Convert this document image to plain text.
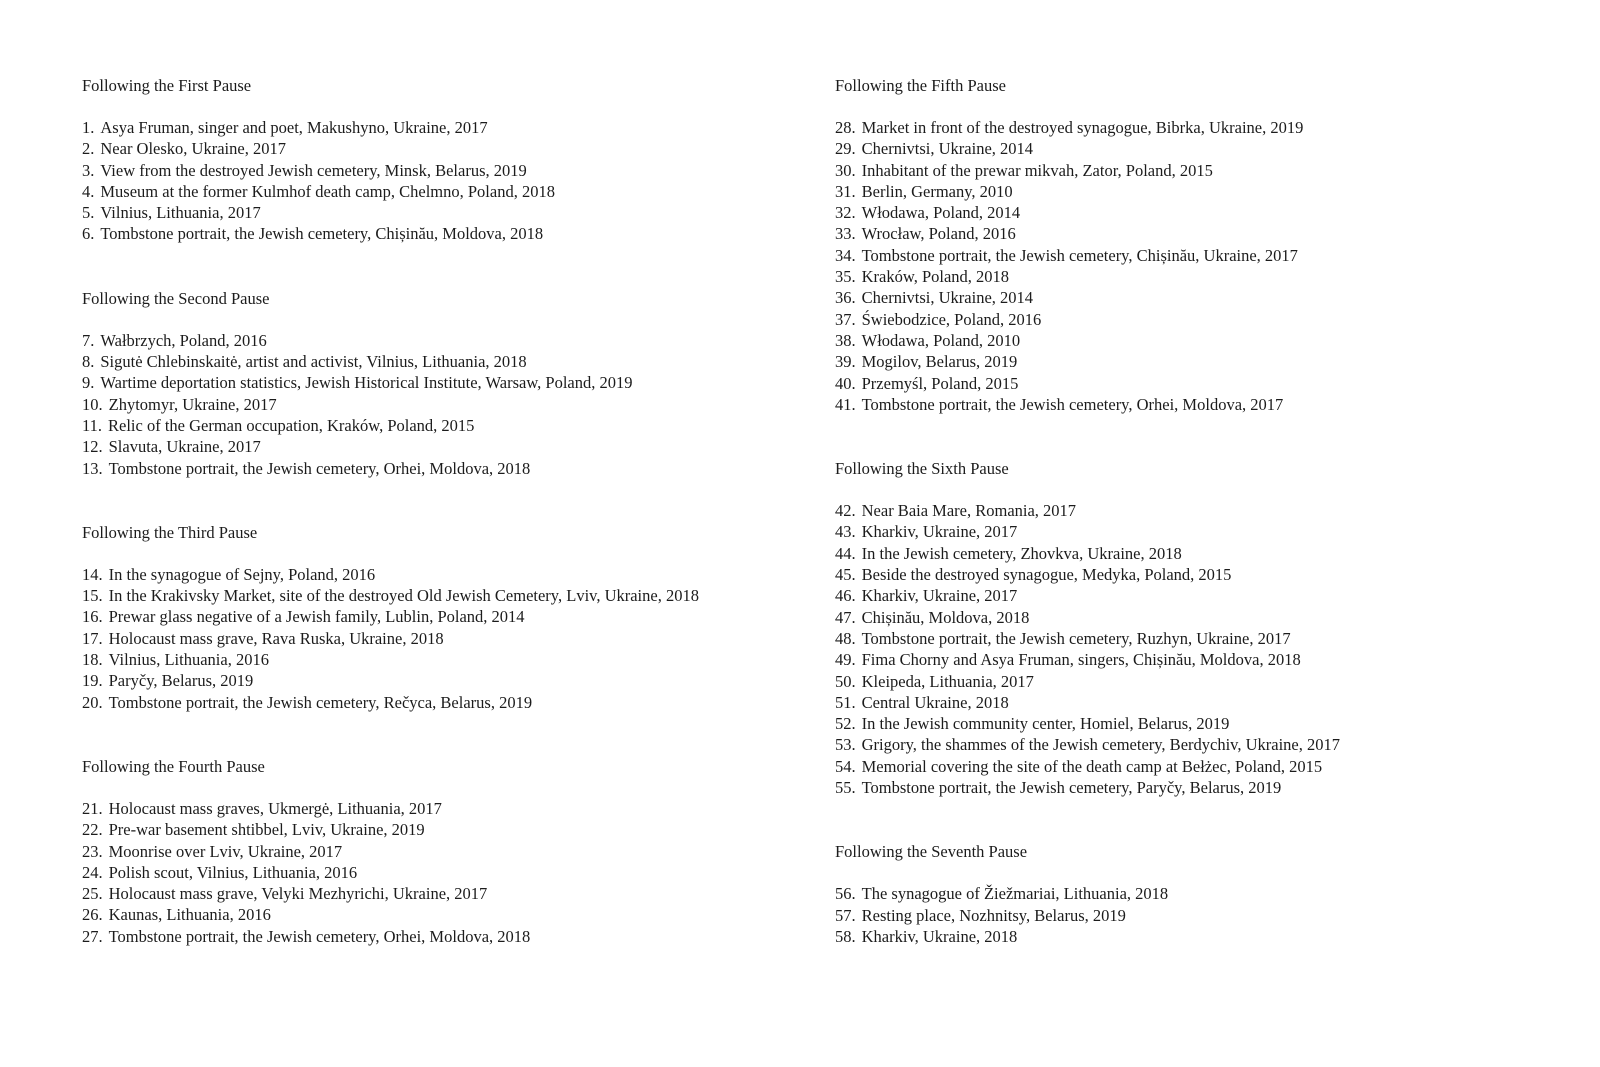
Following the First Pause
1. Asya Fruman, singer and poet, Makushyno, Ukraine, 2017
2. Near Olesko, Ukraine, 2017
3. View from the destroyed Jewish cemetery, Minsk, Belarus, 2019
4. Museum at the former Kulmhof death camp, Chelmno, Poland, 2018
5. Vilnius, Lithuania, 2017
6. Tombstone portrait, the Jewish cemetery, Chișinău, Moldova, 2018
Following the Second Pause
7. Wałbrzych, Poland, 2016
8. Sigutė Chlebinskaitė, artist and activist, Vilnius, Lithuania, 2018
9. Wartime deportation statistics, Jewish Historical Institute, Warsaw, Poland, 2019
10. Zhytomyr, Ukraine, 2017
11. Relic of the German occupation, Kraków, Poland, 2015
12. Slavuta, Ukraine, 2017
13. Tombstone portrait, the Jewish cemetery, Orhei, Moldova, 2018
Following the Third Pause
14. In the synagogue of Sejny, Poland, 2016
15. In the Krakivsky Market, site of the destroyed Old Jewish Cemetery, Lviv, Ukraine, 2018
16. Prewar glass negative of a Jewish family, Lublin, Poland, 2014
17. Holocaust mass grave, Rava Ruska, Ukraine, 2018
18. Vilnius, Lithuania, 2016
19. Paryčy, Belarus, 2019
20. Tombstone portrait, the Jewish cemetery, Rečyca, Belarus, 2019
Following the Fourth Pause
21. Holocaust mass graves, Ukmergė, Lithuania, 2017
22. Pre-war basement shtibbel, Lviv, Ukraine, 2019
23. Moonrise over Lviv, Ukraine, 2017
24. Polish scout, Vilnius, Lithuania, 2016
25. Holocaust mass grave, Velyki Mezhyrichi, Ukraine, 2017
26. Kaunas, Lithuania, 2016
27. Tombstone portrait, the Jewish cemetery, Orhei, Moldova, 2018
Following the Fifth Pause
28. Market in front of the destroyed synagogue, Bibrka, Ukraine, 2019
29. Chernivtsi, Ukraine, 2014
30. Inhabitant of the prewar mikvah, Zator, Poland, 2015
31. Berlin, Germany, 2010
32. Włodawa, Poland, 2014
33. Wrocław, Poland, 2016
34. Tombstone portrait, the Jewish cemetery, Chișinău, Ukraine, 2017
35. Kraków, Poland, 2018
36. Chernivtsi, Ukraine, 2014
37. Świebodzice, Poland, 2016
38. Włodawa, Poland, 2010
39. Mogilov, Belarus, 2019
40. Przemyśl, Poland, 2015
41. Tombstone portrait, the Jewish cemetery, Orhei, Moldova, 2017
Following the Sixth Pause
42. Near Baia Mare, Romania, 2017
43. Kharkiv, Ukraine, 2017
44. In the Jewish cemetery, Zhovkva, Ukraine, 2018
45. Beside the destroyed synagogue, Medyka, Poland, 2015
46. Kharkiv, Ukraine, 2017
47. Chișinău, Moldova, 2018
48. Tombstone portrait, the Jewish cemetery, Ruzhyn, Ukraine, 2017
49. Fima Chorny and Asya Fruman, singers, Chișinău, Moldova, 2018
50. Kleipeda, Lithuania, 2017
51. Central Ukraine, 2018
52. In the Jewish community center, Homiel, Belarus, 2019
53. Grigory, the shammes of the Jewish cemetery, Berdychiv, Ukraine, 2017
54. Memorial covering the site of the death camp at Bełżec, Poland, 2015
55. Tombstone portrait, the Jewish cemetery, Paryčy, Belarus, 2019
Following the Seventh Pause
56. The synagogue of Žiežmariai, Lithuania, 2018
57. Resting place, Nozhnitsy, Belarus, 2019
58. Kharkiv, Ukraine, 2018
